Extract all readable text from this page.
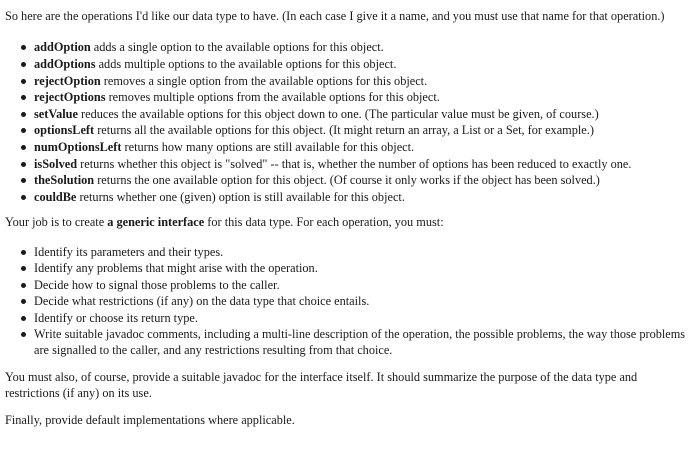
So here are the operations I'd like our data type to have. (In each case I give it a name, and you must use that name for that operation.)

addOption adds a single option to the available options for this object.
addOptions adds multiple options to the available options for this object.
rejectOption removes a single option from the available options for this object.
rejectOptions removes multiple options from the available options for this object.
setValue reduces the available options for this object down to one. (The particular value must be given, of course.)
optionsLeft returns all the available options for this object. (It might return an array, a List or a Set, for example.)
numOptionsLeft returns how many options are still available for this object.
isSolved returns whether this object is "solved" -- that is, whether the number of options has been reduced to exactly one.
theSolution returns the one available option for this object. (Of course it only works if the object has been solved.)
couldBe returns whether one (given) option is still available for this object.

Your job is to create a generic interface for this data type. For each operation, you must:

Identify its parameters and their types.
Identify any problems that might arise with the operation.
Decide how to signal those problems to the caller.
Decide what restrictions (if any) on the data type that choice entails.
Identify or choose its return type.
Write suitable javadoc comments, including a multi-line description of the operation, the possible problems, the way those problems are signalled to the caller, and any restrictions resulting from that choice.

You must also, of course, provide a suitable javadoc for the interface itself. It should summarize the purpose of the data type and restrictions (if any) on its use.

Finally, provide default implementations where applicable.
